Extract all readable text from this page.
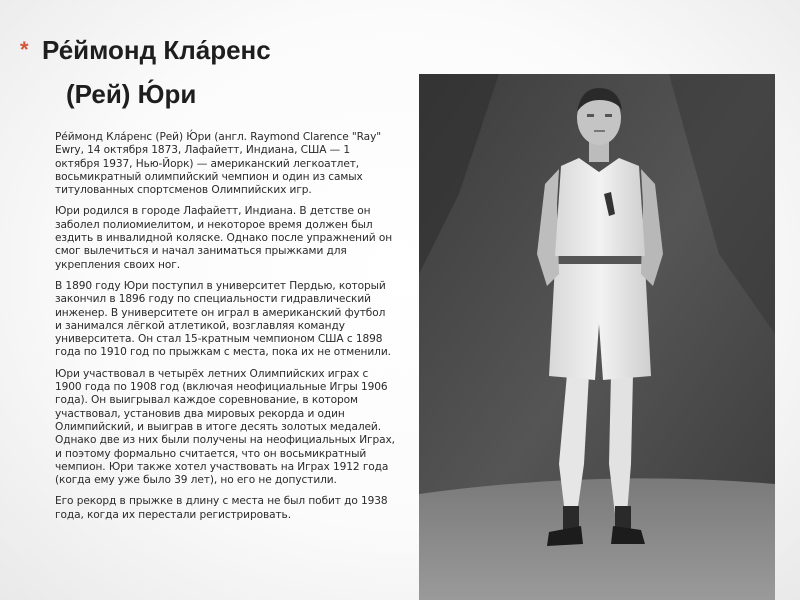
* Ре́ймонд Кла́ренс
(Рей) Ю́ри

Ре́ймонд Кла́ренс (Рей) Ю́ри (англ. Raymond Clarence "Ray" Ewry, 14 октября 1873, Лафайетт, Индиана, США — 1 октября 1937, Нью-Йорк) — американский легкоатлет, восьмикратный олимпийский чемпион и один из самых титулованных спортсменов Олимпийских игр.

Юри родился в городе Лафайетт, Индиана. В детстве он заболел полиомиелитом, и некоторое время должен был ездить в инвалидной коляске. Однако после упражнений он смог вылечиться и начал заниматься прыжками для укрепления своих ног.

В 1890 году Юри поступил в университет Пердью, который закончил в 1896 году по специальности гидравлический инженер. В университете он играл в американский футбол и занимался лёгкой атлетикой, возглавляя команду университета. Он стал 15-кратным чемпионом США с 1898 года по 1910 год по прыжкам с места, пока их не отменили.

Юри участвовал в четырёх летних Олимпийских играх с 1900 года по 1908 год (включая неофициальные Игры 1906 года). Он выигрывал каждое соревнование, в котором участвовал, установив два мировых рекорда и один Олимпийский, и выиграв в итоге десять золотых медалей. Однако две из них были получены на неофициальных Играх, и поэтому формально считается, что он восьмикратный чемпион. Юри также хотел участвовать на Играх 1912 года (когда ему уже было 39 лет), но его не допустили.

Его рекорд в прыжке в длину с места не был побит до 1938 года, когда их перестали регистрировать.
